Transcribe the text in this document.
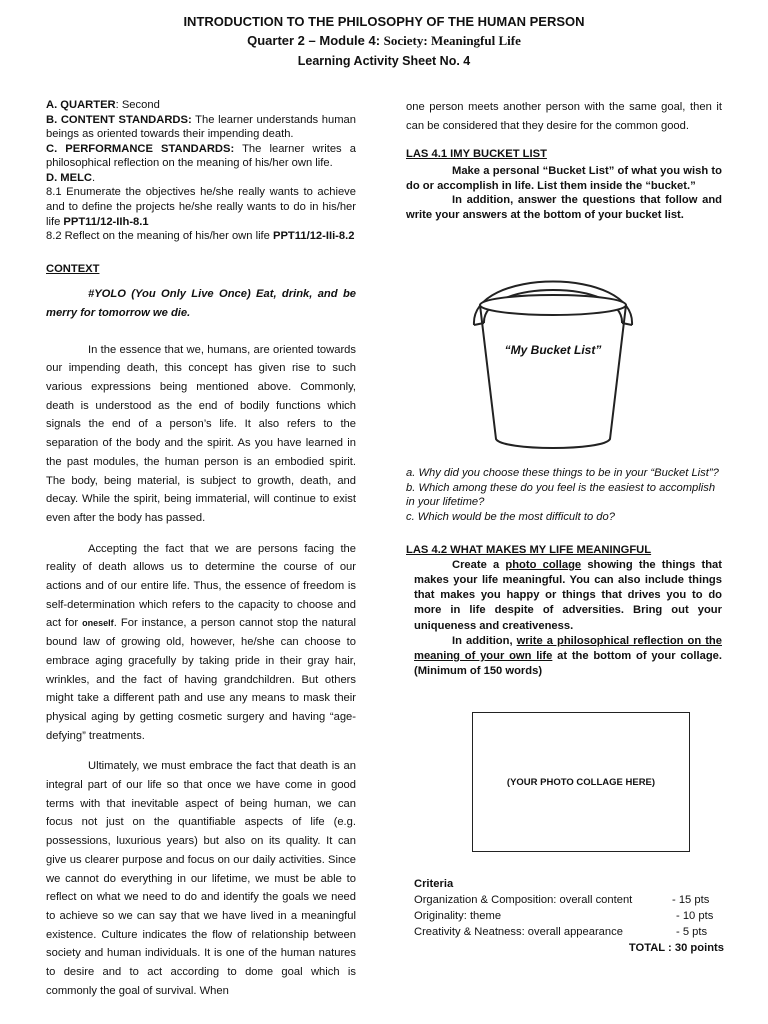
INTRODUCTION TO THE PHILOSOPHY OF THE HUMAN PERSON
Quarter 2 – Module 4: Society: Meaningful Life
Learning Activity Sheet No. 4

A. QUARTER: Second

B. CONTENT STANDARDS: The learner understands human beings as oriented towards their impending death.

C. PERFORMANCE STANDARDS: The learner writes a philosophical reflection on the meaning of his/her own life.

D. MELC.

8.1 Enumerate the objectives he/she really wants to achieve and to define the projects he/she really wants to do in his/her life PPT11/12-IIh-8.1

8.2 Reflect on the meaning of his/her own life PPT11/12-IIi-8.2

CONTEXT

#YOLO (You Only Live Once) Eat, drink, and be merry for tomorrow we die.

In the essence that we, humans, are oriented towards our impending death, this concept has given rise to such various expressions being mentioned above. Commonly, death is understood as the end of bodily functions which signals the end of a person’s life. It also refers to the separation of the body and the spirit. As you have learned in the past modules, the human person is an embodied spirit. The body, being material, is subject to growth, death, and decay. While the spirit, being immaterial, will continue to exist even after the body has passed.

Accepting the fact that we are persons facing the reality of death allows us to determine the course of our actions and of our entire life. Thus, the essence of freedom is self-determination which refers to the capacity to choose and act for oneself. For instance, a person cannot stop the natural bound law of growing old, however, he/she can choose to embrace aging gracefully by taking pride in their gray hair, wrinkles, and the fact of having grandchildren. But others might take a different path and use any means to mask their physical aging by getting cosmetic surgery and having “age-defying” treatments.

Ultimately, we must embrace the fact that death is an integral part of our life so that once we have come in good terms with that inevitable aspect of being human, we can focus not just on the quantifiable aspects of life (e.g. possessions, luxurious years) but also on its quality. It can give us clearer purpose and focus on our daily activities. Since we cannot do everything in our lifetime, we must be able to reflect on what we need to do and identify the goals we need to achieve so we can say that we have lived in a meaningful existence. Culture indicates the flow of relationship between society and human individuals. It is one of the human natures to desire and to act according to dome goal which is commonly the goal of survival. When

one person meets another person with the same goal, then it can be considered that they desire for the common good.

LAS 4.1 IMY BUCKET LIST

Make a personal “Bucket List” of what you wish to do or accomplish in life. List them inside the “bucket.”

In addition, answer the questions that follow and write your answers at the bottom of your bucket list.

“My Bucket List”

a. Why did you choose these things to be in your “Bucket List”?

b. Which among these do you feel is the easiest to accomplish in your lifetime?

c. Which would be the most difficult to do?

LAS 4.2 WHAT MAKES MY LIFE MEANINGFUL

Create a photo collage showing the things that makes your life meaningful. You can also include things that makes you happy or things that drives you to do more in life despite of adversities. Bring out your uniqueness and creativeness.

In addition, write a philosophical reflection on the meaning of your own life at the bottom of your collage. (Minimum of 150 words)

(YOUR PHOTO COLLAGE HERE)
Criteria
Organization & Composition: overall content	- 15 pts
Originality: theme	- 10 pts
Creativity & Neatness: overall appearance	- 5 pts
TOTAL : 30 points
